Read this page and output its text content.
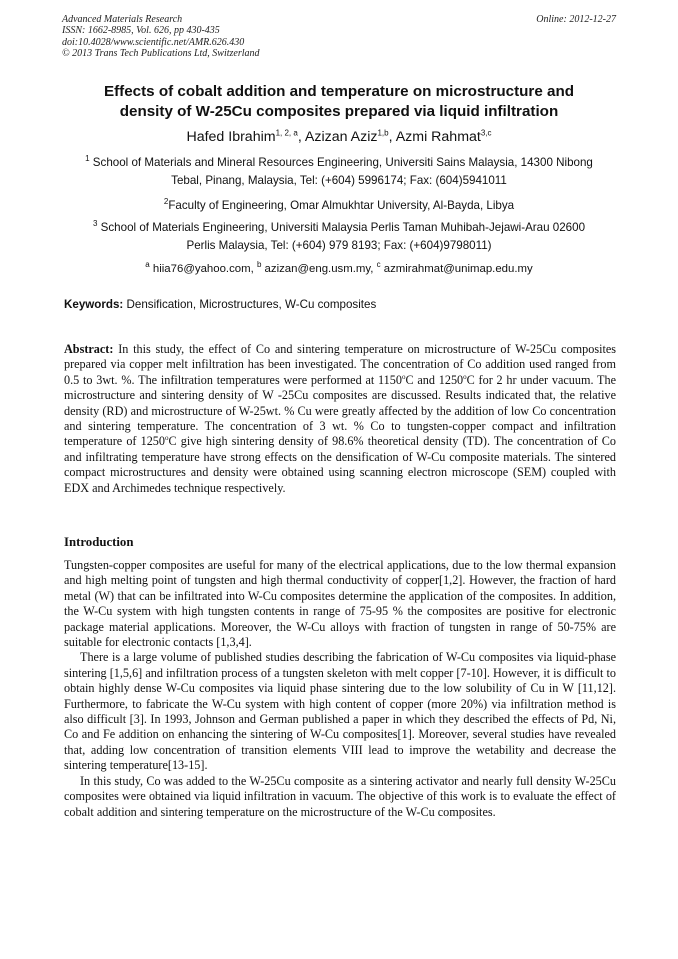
Advanced Materials Research
ISSN: 1662-8985, Vol. 626, pp 430-435
doi:10.4028/www.scientific.net/AMR.626.430
© 2013 Trans Tech Publications Ltd, Switzerland
Online: 2012-12-27
Effects of cobalt addition and temperature on microstructure and
density of W-25Cu composites prepared via liquid infiltration
Hafed Ibrahim$^{1, 2, a}$, Azizan Aziz$^{1,b}$, Azmi Rahmat$^{3,c}$
$^1$ School of Materials and Mineral Resources Engineering, Universiti Sains Malaysia, 14300 Nibong
Tebal, Pinang, Malaysia, Tel: (+604) 5996174; Fax: (604)5941011
$^2$Faculty of Engineering, Omar Almukhtar University, Al-Bayda, Libya
$^3$ School of Materials Engineering, Universiti Malaysia Perlis Taman Muhibah-Jejawi-Arau 02600
Perlis Malaysia, Tel: (+604) 979 8193; Fax: (+604)9798011)
$^a$ hiia76@yahoo.com, $^b$ azizan@eng.usm.my, $^c$ azmirahmat@unimap.edu.my
Keywords: Densification, Microstructures, W-Cu composites

Abstract: In this study, the effect of Co and sintering temperature on microstructure of W-25Cu composites prepared via copper melt infiltration has been investigated. The concentration of Co addition used ranged from 0.5 to 3wt. %. The infiltration temperatures were performed at 1150$^o$C and 1250$^o$C for 2 hr under vacuum. The microstructure and sintering density of W -25Cu composites are discussed. Results indicated that, the relative density (RD) and microstructure of W-25wt. % Cu were greatly affected by the addition of low Co concentration and sintering temperature. The concentration of 3 wt. % Co to tungsten-copper compact and infiltration temperature of 1250$^o$C give high sintering density of 98.6% theoretical density (TD). The concentration of Co and infiltrating temperature have strong effects on the densification of W-Cu composite materials. The sintered compact microstructures and density were obtained using scanning electron microscope (SEM) coupled with EDX and Archimedes technique respectively.

Introduction

Tungsten-copper composites are useful for many of the electrical applications, due to the low thermal expansion and high melting point of tungsten and high thermal conductivity of copper[1,2]. However, the fraction of hard metal (W) that can be infiltrated into W-Cu composites determine the application of the composites. In addition, the W-Cu system with high tungsten contents in range of 75-95 % the composites are positive for electronic package material applications. Moreover, the W-Cu alloys with fraction of tungsten in range of 50-75% are suitable for electronic contacts [1,3,4].

There is a large volume of published studies describing the fabrication of W-Cu composites via liquid-phase sintering [1,5,6] and infiltration process of a tungsten skeleton with melt copper [7-10]. However, it is difficult to obtain highly dense W-Cu composites via liquid phase sintering due to the low solubility of Cu in W [11,12]. Furthermore, to fabricate the W-Cu system with high content of copper (more 20%) via infiltration method is also difficult [3]. In 1993, Johnson and German published a paper in which they described the effects of Pd, Ni, Co and Fe addition on enhancing the sintering of W-Cu composites[1]. Moreover, several studies have revealed that, adding low concentration of transition elements VIII lead to improve the wetability and decrease the sintering temperature[13-15].

In this study, Co was added to the W-25Cu composite as a sintering activator and nearly full density W-25Cu composites were obtained via liquid infiltration in vacuum. The objective of this work is to evaluate the effect of cobalt addition and sintering temperature on the microstructure of the W-Cu composites.
